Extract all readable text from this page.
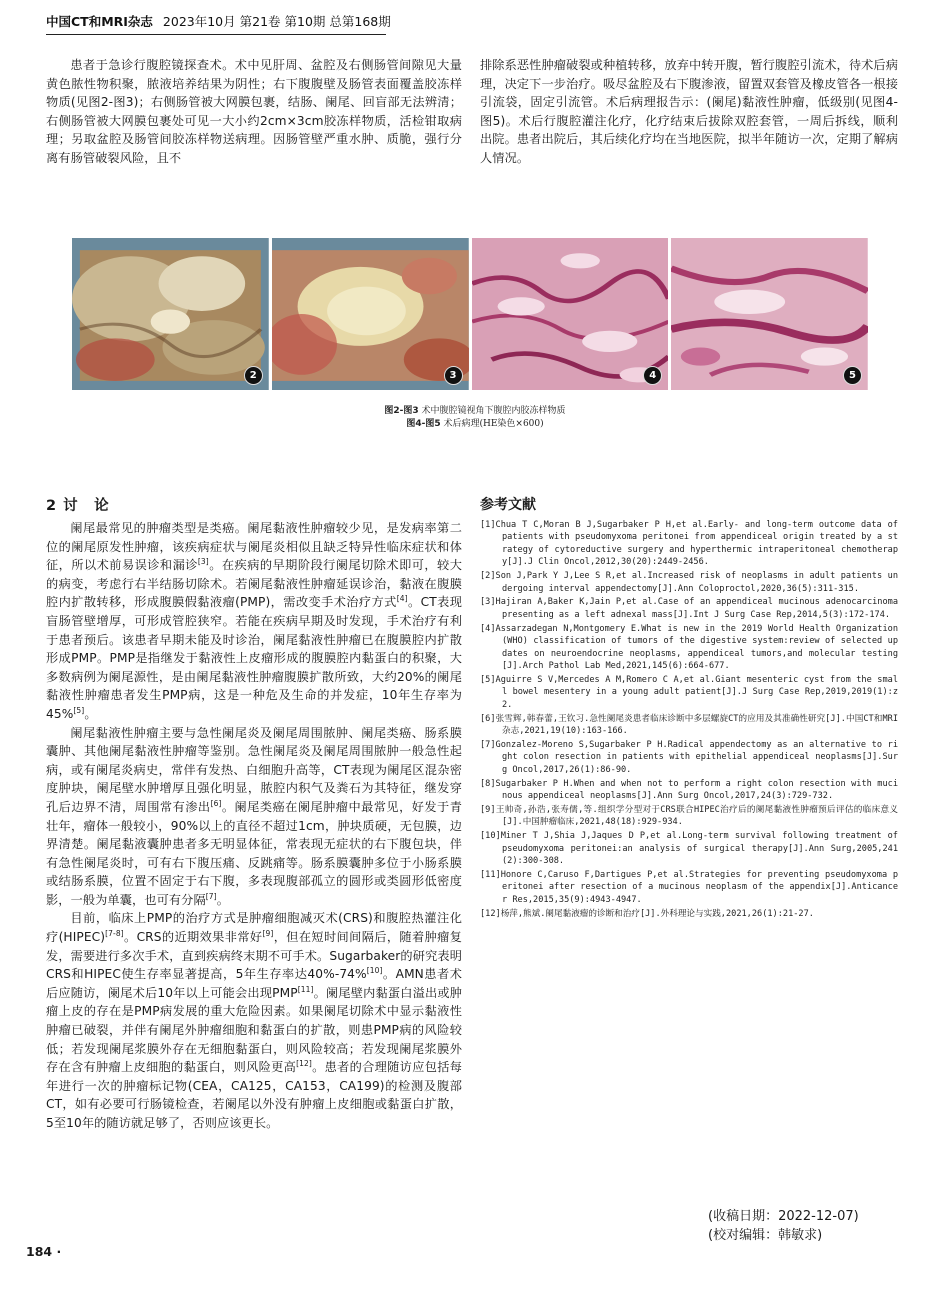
中国CT和MRI杂志 2023年10月 第21卷 第10期 总第168期

患者于急诊行腹腔镜探查术。术中见肝周、盆腔及右侧肠管间隙见大量黄色脓性物积聚，脓液培养结果为阴性；右下腹腹壁及肠管表面覆盖胶冻样物质(见图2-图3)；右侧肠管被大网膜包裹，结肠、阑尾、回盲部无法辨清；右侧肠管被大网膜包裹处可见一大小约2cm×3cm胶冻样物质，活检钳取病理；另取盆腔及肠管间胶冻样物送病理。因肠管壁严重水肿、质脆，强行分离有肠管破裂风险，且不

排除系恶性肿瘤破裂或种植转移，放弃中转开腹，暂行腹腔引流术，待术后病理，决定下一步治疗。吸尽盆腔及右下腹渗液，留置双套管及橡皮管各一根接引流袋，固定引流管。术后病理报告示：(阑尾)黏液性肿瘤，低级别(见图4-图5)。术后行腹腔灌注化疗，化疗结束后拔除双腔套管，一周后拆线，顺利出院。患者出院后，其后续化疗均在当地医院，拟半年随访一次，定期了解病人情况。

2	3	4	5
图2-图3 术中腹腔镜视角下腹腔内胶冻样物质
图4-图5 术后病理(HE染色×600)
2 讨　论

阑尾最常见的肿瘤类型是类癌。阑尾黏液性肿瘤较少见，是发病率第二位的阑尾原发性肿瘤，该疾病症状与阑尾炎相似且缺乏特异性临床症状和体征，所以术前易误诊和漏诊[3]。在疾病的早期阶段行阑尾切除术即可，较大的病变，考虑行右半结肠切除术。若阑尾黏液性肿瘤延误诊治，黏液在腹膜腔内扩散转移，形成腹膜假黏液瘤(PMP)，需改变手术治疗方式[4]。CT表现盲肠管壁增厚，可形成管腔狭窄。若能在疾病早期及时发现，手术治疗有利于患者预后。该患者早期未能及时诊治，阑尾黏液性肿瘤已在腹膜腔内扩散形成PMP。PMP是指继发于黏液性上皮瘤形成的腹膜腔内黏蛋白的积聚，大多数病例为阑尾源性，是由阑尾黏液性肿瘤腹膜扩散所致，大约20%的阑尾黏液性肿瘤患者发生PMP病，这是一种危及生命的并发症，10年生存率为45%[5]。

阑尾黏液性肿瘤主要与急性阑尾炎及阑尾周围脓肿、阑尾类癌、肠系膜囊肿、其他阑尾黏液性肿瘤等鉴别。急性阑尾炎及阑尾周围脓肿一般急性起病，或有阑尾炎病史，常伴有发热、白细胞升高等，CT表现为阑尾区混杂密度肿块，阑尾壁水肿增厚且强化明显，脓腔内积气及粪石为其特征，继发穿孔后边界不清，周围常有渗出[6]。阑尾类癌在阑尾肿瘤中最常见，好发于青壮年，瘤体一般较小，90%以上的直径不超过1cm，肿块质硬，无包膜，边界清楚。阑尾黏液囊肿患者多无明显体征，常表现无症状的右下腹包块，伴有急性阑尾炎时，可有右下腹压痛、反跳痛等。肠系膜囊肿多位于小肠系膜或结肠系膜，位置不固定于右下腹，多表现腹部孤立的圆形或类圆形低密度影，一般为单囊，也可有分隔[7]。

目前，临床上PMP的治疗方式是肿瘤细胞减灭术(CRS)和腹腔热灌注化疗(HIPEC)[7-8]。CRS的近期效果非常好[9]，但在短时间间隔后，随着肿瘤复发，需要进行多次手术，直到疾病终末期不可手术。Sugarbaker的研究表明CRS和HIPEC使生存率显著提高，5年生存率达40%-74%[10]。AMN患者术后应随访，阑尾术后10年以上可能会出现PMP[11]。阑尾壁内黏蛋白溢出或肿瘤上皮的存在是PMP病发展的重大危险因素。如果阑尾切除术中显示黏液性肿瘤已破裂，并伴有阑尾外肿瘤细胞和黏蛋白的扩散，则患PMP病的风险较低；若发现阑尾浆膜外存在无细胞黏蛋白，则风险较高；若发现阑尾浆膜外存在含有肿瘤上皮细胞的黏蛋白，则风险更高[12]。患者的合理随访应包括每年进行一次的肿瘤标记物(CEA，CA125，CA153，CA199)的检测及腹部CT，如有必要可行肠镜检查，若阑尾以外没有肿瘤上皮细胞或黏蛋白扩散，5至10年的随访就足够了，否则应该更长。

参考文献

[1]Chua T C,Moran B J,Sugarbaker P H,et al.Early- and long-term outcome data of patients with pseudomyxoma peritonei from appendiceal origin treated by a strategy of cytoreductive surgery and hyperthermic intraperitoneal chemotherapy[J].J Clin Oncol,2012,30(20):2449-2456.

[2]Son J,Park Y J,Lee S R,et al.Increased risk of neoplasms in adult patients undergoing interval appendectomy[J].Ann Coloproctol,2020,36(5):311-315.

[3]Hajiran A,Baker K,Jain P,et al.Case of an appendiceal mucinous adenocarcinoma presenting as a left adnexal mass[J].Int J Surg Case Rep,2014,5(3):172-174.

[4]Assarzadegan N,Montgomery E.What is new in the 2019 World Health Organization (WHO) classification of tumors of the digestive system:review of selected updates on neuroendocrine neoplasms, appendiceal tumors,and molecular testing[J].Arch Pathol Lab Med,2021,145(6):664-677.

[5]Aguirre S V,Mercedes A M,Romero C A,et al.Giant mesenteric cyst from the small bowel mesentery in a young adult patient[J].J Surg Case Rep,2019,2019(1):z2.

[6]张雪辉,韩春蕾,王钦习.急性阑尾炎患者临床诊断中多层螺旋CT的应用及其准确性研究[J].中国CT和MRI杂志,2021,19(10):163-166.

[7]Gonzalez-Moreno S,Sugarbaker P H.Radical appendectomy as an alternative to right colon resection in patients with epithelial appendiceal neoplasms[J].Surg Oncol,2017,26(1):86-90.

[8]Sugarbaker P H.When and when not to perform a right colon resection with mucinous appendiceal neoplasms[J].Ann Surg Oncol,2017,24(3):729-732.

[9]王帅奇,孙浩,张寿儒,等.组织学分型对于CRS联合HIPEC治疗后的阑尾黏液性肿瘤预后评估的临床意义[J].中国肿瘤临床,2021,48(18):929-934.

[10]Miner T J,Shia J,Jaques D P,et al.Long-term survival following treatment of pseudomyxoma peritonei:an analysis of surgical therapy[J].Ann Surg,2005,241(2):300-308.

[11]Honore C,Caruso F,Dartigues P,et al.Strategies for preventing pseudomyxoma peritonei after resection of a mucinous neoplasm of the appendix[J].Anticancer Res,2015,35(9):4943-4947.

[12]杨萍,熊斌.阑尾黏液瘤的诊断和治疗[J].外科理论与实践,2021,26(1):21-27.

(收稿日期：2022-12-07)
(校对编辑：韩敏求)
184 ·
